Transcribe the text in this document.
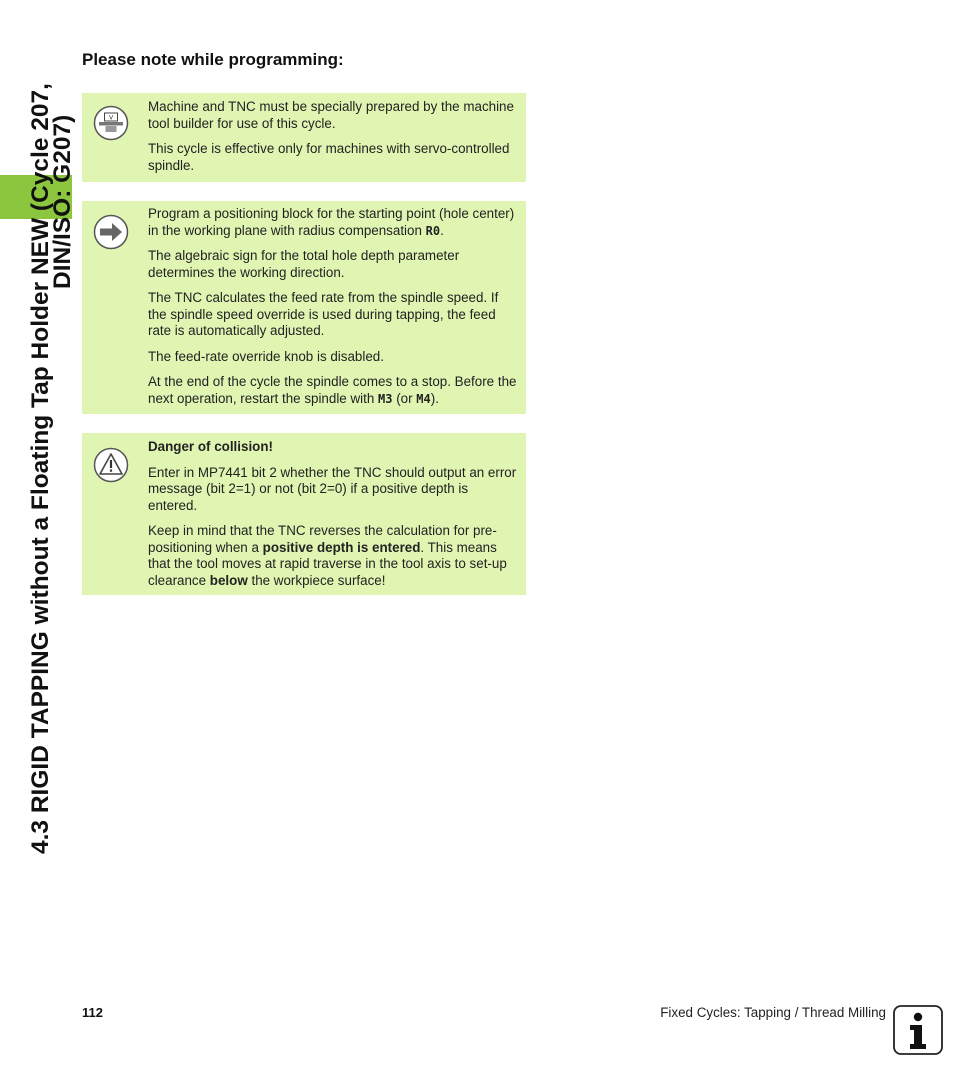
4.3 RIGID TAPPING without a Floating Tap Holder NEW (Cycle 207,
DIN/ISO: G207)
Please note while programming:
V

Machine and TNC must be specially prepared by the machine tool builder for use of this cycle.

This cycle is effective only for machines with servo-controlled spindle.

Program a positioning block for the starting point (hole center) in the working plane with radius compensation R0.

The algebraic sign for the total hole depth parameter determines the working direction.

The TNC calculates the feed rate from the spindle speed. If the spindle speed override is used during tapping, the feed rate is automatically adjusted.

The feed-rate override knob is disabled.

At the end of the cycle the spindle comes to a stop. Before the next operation, restart the spindle with M3 (or M4).

Danger of collision!

Enter in MP7441 bit 2 whether the TNC should output an error message (bit 2=1) or not (bit 2=0) if a positive depth is entered.

Keep in mind that the TNC reverses the calculation for pre-positioning when a positive depth is entered. This means that the tool moves at rapid traverse in the tool axis to set-up clearance below the workpiece surface!

112	Fixed Cycles: Tapping / Thread Milling
